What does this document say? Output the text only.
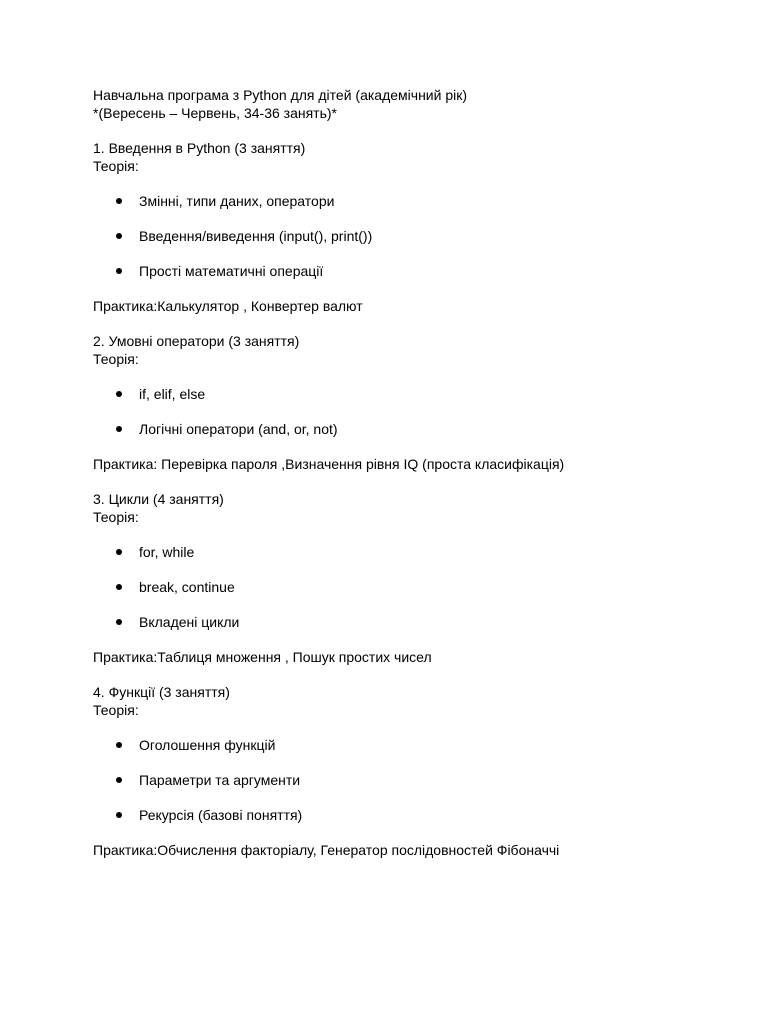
Навчальна програма з Python для дітей (академічний рік)
*(Вересень – Червень, 34-36 занять)*
1. Введення в Python (3 заняття)
Теорія:
Змінні, типи даних, оператори
Введення/виведення (input(), print())
Прості математичні операції
Практика:Калькулятор , Конвертер валют
2. Умовні оператори (3 заняття)
Теорія:
if, elif, else
Логічні оператори (and, or, not)
Практика: Перевірка пароля ,Визначення рівня IQ (проста класифікація)
3. Цикли (4 заняття)
Теорія:
for, while
break, continue
Вкладені цикли
Практика:Таблиця множення , Пошук простих чисел
4. Функції (3 заняття)
Теорія:
Оголошення функцій
Параметри та аргументи
Рекурсія (базові поняття)
Практика:Обчислення факторіалу, Генератор послідовностей Фібоначчі
